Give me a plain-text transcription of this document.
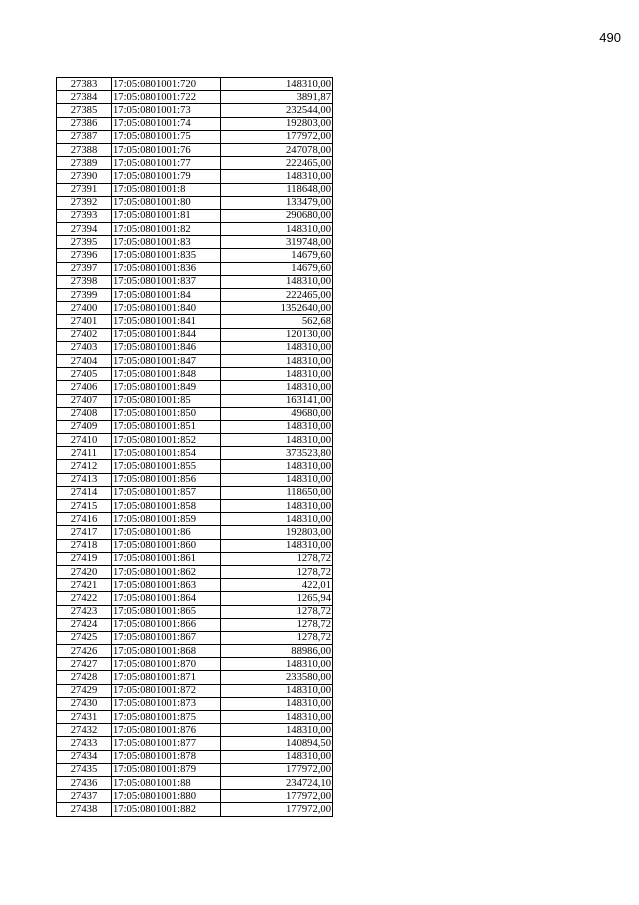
490
27383	17:05:0801001:720	148310,00
27384	17:05:0801001:722	3891,87
27385	17:05:0801001:73	232544,00
27386	17:05:0801001:74	192803,00
27387	17:05:0801001:75	177972,00
27388	17:05:0801001:76	247078,00
27389	17:05:0801001:77	222465,00
27390	17:05:0801001:79	148310,00
27391	17:05:0801001:8	118648,00
27392	17:05:0801001:80	133479,00
27393	17:05:0801001:81	290680,00
27394	17:05:0801001:82	148310,00
27395	17:05:0801001:83	319748,00
27396	17:05:0801001:835	14679,60
27397	17:05:0801001:836	14679,60
27398	17:05:0801001:837	148310,00
27399	17:05:0801001:84	222465,00
27400	17:05:0801001:840	1352640,00
27401	17:05:0801001:841	562,68
27402	17:05:0801001:844	120130,00
27403	17:05:0801001:846	148310,00
27404	17:05:0801001:847	148310,00
27405	17:05:0801001:848	148310,00
27406	17:05:0801001:849	148310,00
27407	17:05:0801001:85	163141,00
27408	17:05:0801001:850	49680,00
27409	17:05:0801001:851	148310,00
27410	17:05:0801001:852	148310,00
27411	17:05:0801001:854	373523,80
27412	17:05:0801001:855	148310,00
27413	17:05:0801001:856	148310,00
27414	17:05:0801001:857	118650,00
27415	17:05:0801001:858	148310,00
27416	17:05:0801001:859	148310,00
27417	17:05:0801001:86	192803,00
27418	17:05:0801001:860	148310,00
27419	17:05:0801001:861	1278,72
27420	17:05:0801001:862	1278,72
27421	17:05:0801001:863	422,01
27422	17:05:0801001:864	1265,94
27423	17:05:0801001:865	1278,72
27424	17:05:0801001:866	1278,72
27425	17:05:0801001:867	1278,72
27426	17:05:0801001:868	88986,00
27427	17:05:0801001:870	148310,00
27428	17:05:0801001:871	233580,00
27429	17:05:0801001:872	148310,00
27430	17:05:0801001:873	148310,00
27431	17:05:0801001:875	148310,00
27432	17:05:0801001:876	148310,00
27433	17:05:0801001:877	140894,50
27434	17:05:0801001:878	148310,00
27435	17:05:0801001:879	177972,00
27436	17:05:0801001:88	234724,10
27437	17:05:0801001:880	177972,00
27438	17:05:0801001:882	177972,00
